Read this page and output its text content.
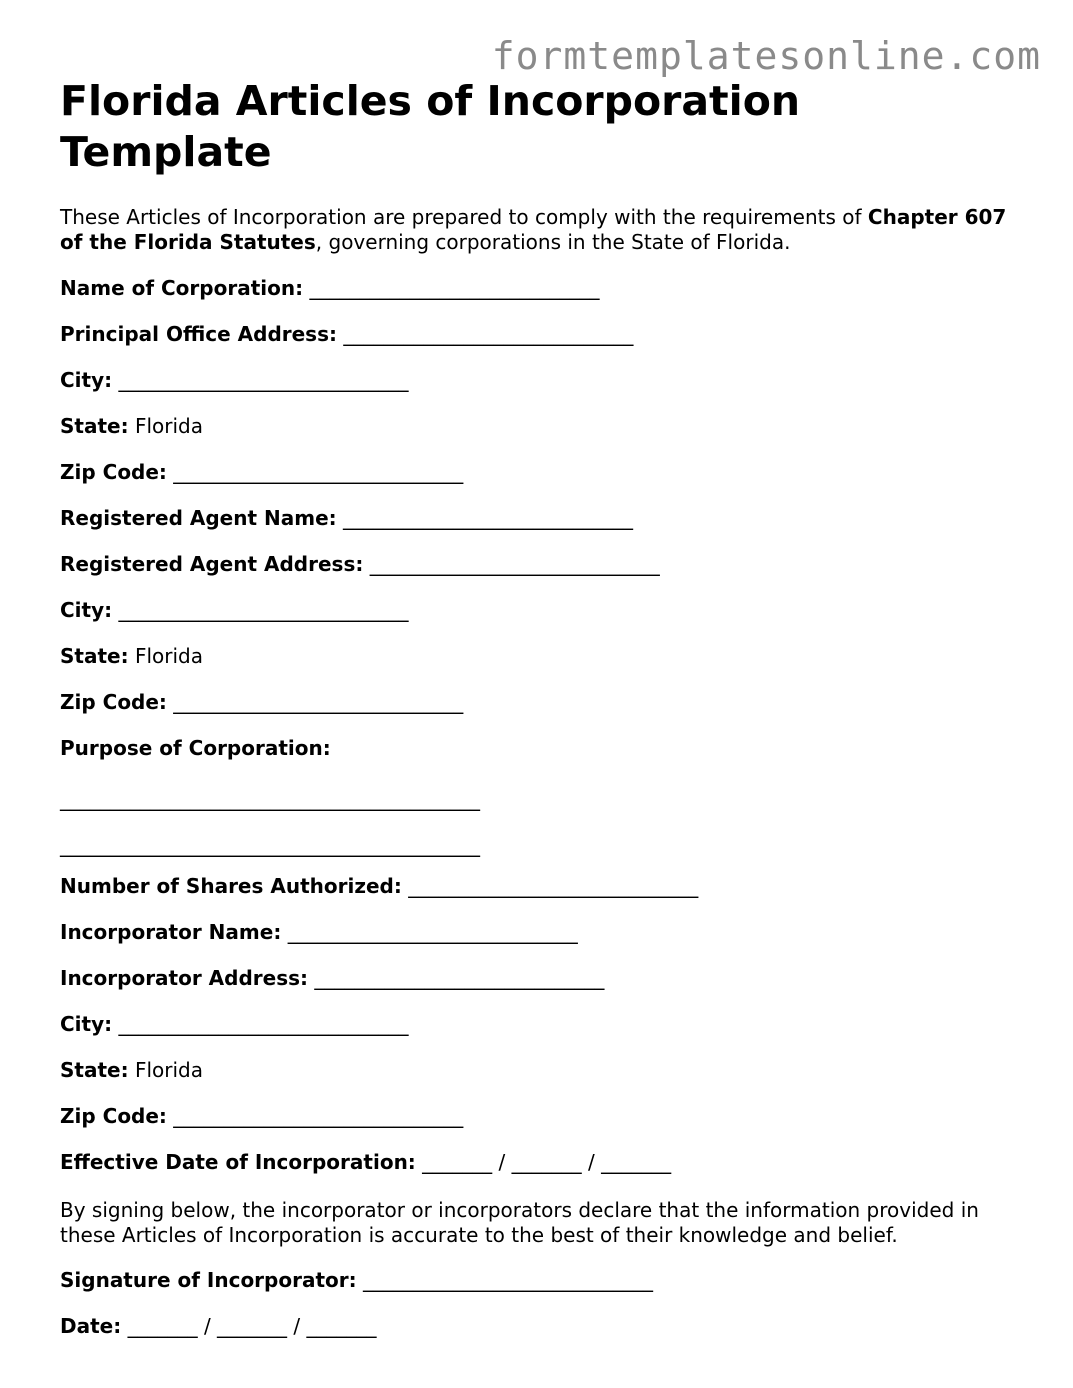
formtemplatesonline.com
Florida Articles of Incorporation Template

These Articles of Incorporation are prepared to comply with the requirements of Chapter 607 of the Florida Statutes, governing corporations in the State of Florida.

Name of Corporation: _____________________________
Principal Office Address: _____________________________
City: _____________________________
State: Florida
Zip Code: _____________________________
Registered Agent Name: _____________________________
Registered Agent Address: _____________________________
City: _____________________________
State: Florida
Zip Code: _____________________________
Purpose of Corporation:
__________________________________________
__________________________________________
Number of Shares Authorized: _____________________________
Incorporator Name: _____________________________
Incorporator Address: _____________________________
City: _____________________________
State: Florida
Zip Code: _____________________________
Effective Date of Incorporation: _______ / _______ / _______

By signing below, the incorporator or incorporators declare that the information provided in these Articles of Incorporation is accurate to the best of their knowledge and belief.

Signature of Incorporator: _____________________________
Date: _______ / _______ / _______
